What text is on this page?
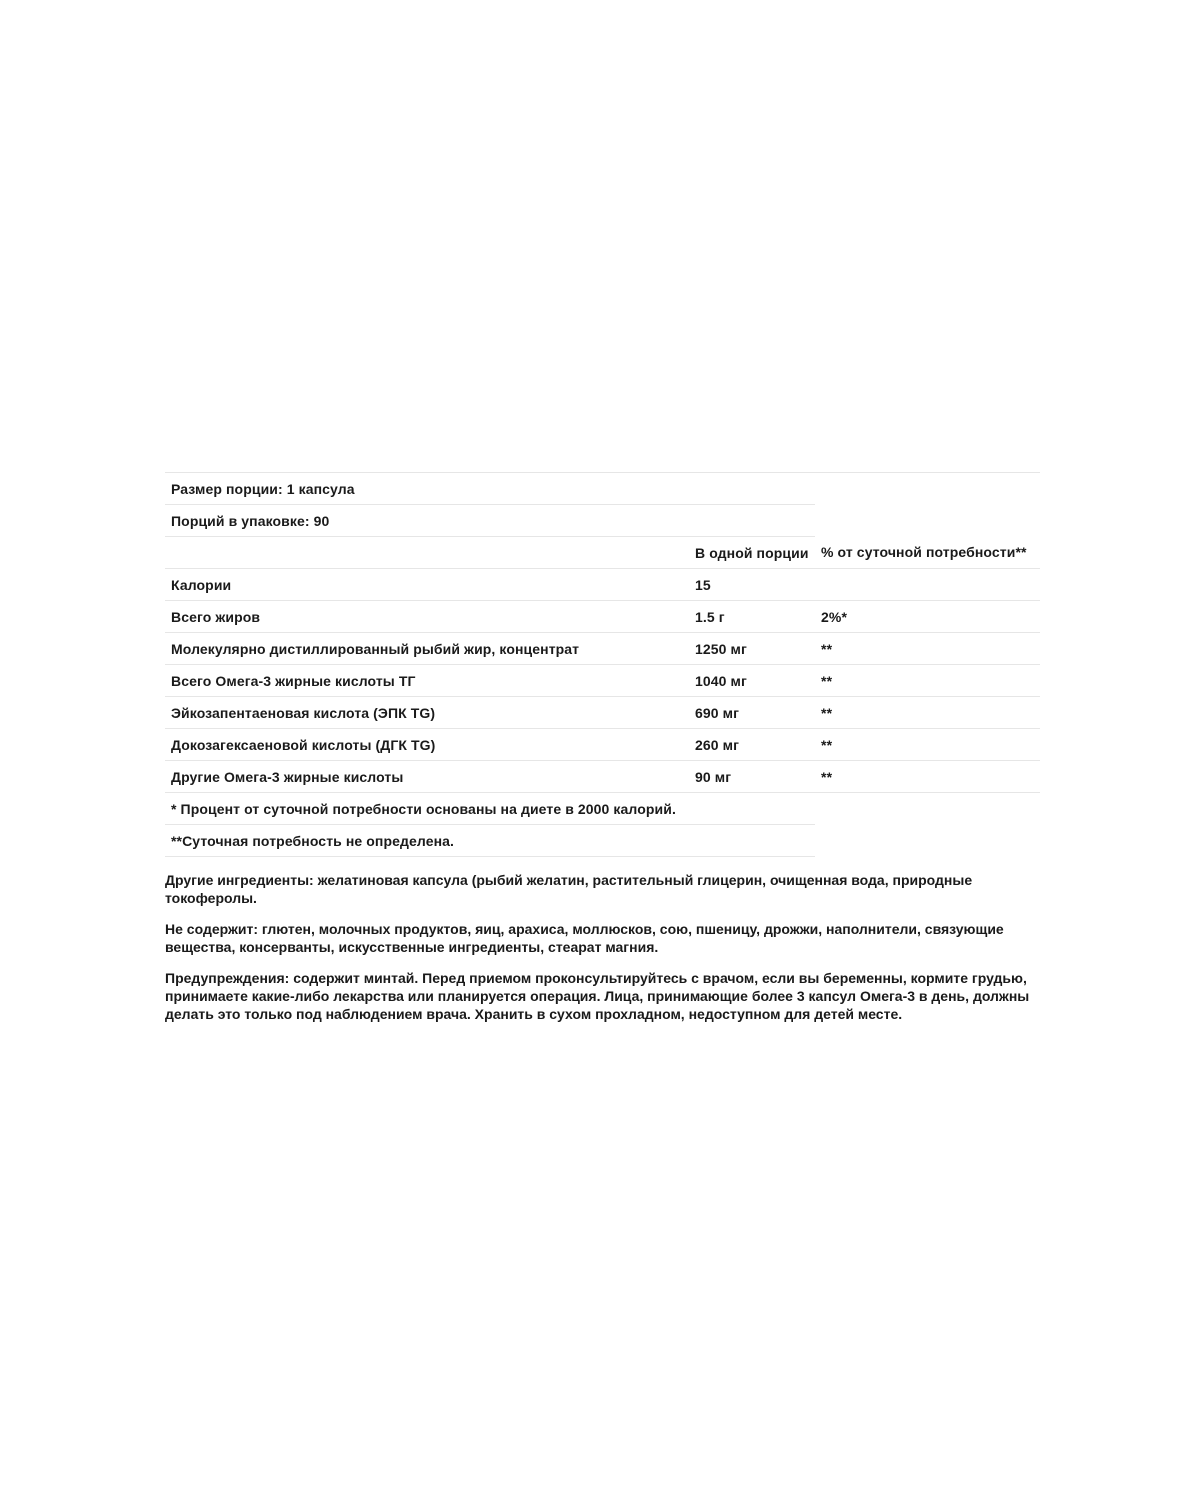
Размер порции: 1 капсула		
Порций в упаковке: 90		
	В одной порции	% от суточной потребности**
Калории	15	
Всего жиров	1.5 г	2%*
Молекулярно дистиллированный рыбий жир, концентрат	1250 мг	**
Всего Омега-3 жирные кислоты ТГ	1040 мг	**
Эйкозапентаеновая кислота (ЭПК TG)	690 мг	**
Докозагексаеновой кислоты (ДГК TG)	260 мг	**
Другие Омега-3 жирные кислоты	90 мг	**
* Процент от суточной потребности основаны на диете в 2000 калорий.		
**Суточная потребность не определена.		

Другие ингредиенты: желатиновая капсула (рыбий желатин, растительный глицерин, очищенная вода, природные токоферолы.

Не содержит: глютен, молочных продуктов, яиц, арахиса, моллюсков, сою, пшеницу, дрожжи, наполнители, связующие вещества, консерванты, искусственные ингредиенты, стеарат магния.

Предупреждения: содержит минтай. Перед приемом проконсультируйтесь с врачом, если вы беременны, кормите грудью, принимаете какие-либо лекарства или планируется операция. Лица, принимающие более 3 капсул Омега-3 в день, должны делать это только под наблюдением врача. Хранить в сухом прохладном, недоступном для детей месте.
